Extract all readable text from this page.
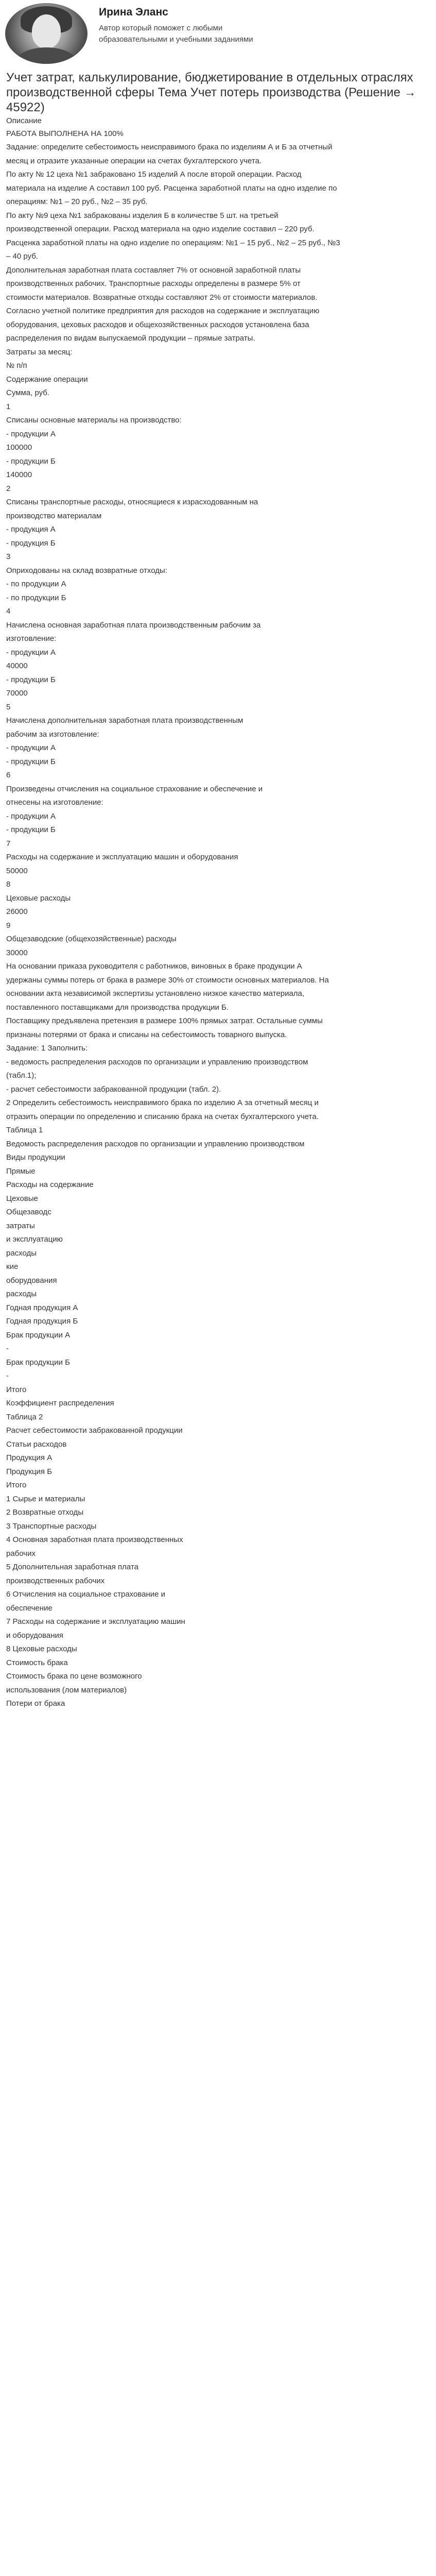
Ирина Эланс
Автор который поможет с любыми образовательными и учебными заданиями
Учет затрат, калькулирование, бюджетирование в отдельных отраслях производственной сферы Тема Учет потерь производства (Решение → 45922)
Описание
РАБОТА ВЫПОЛНЕНА НА 100%
Задание: определите себестоимость неисправимого брака по изделиям А и Б за отчетный
месяц и отразите указанные операции на счетах бухгалтерского учета.
По акту № 12 цеха №1 забраковано 15 изделий А после второй операции. Расход
материала на изделие А составил 100 руб. Расценка заработной платы на одно изделие по
операциям: №1 – 20 руб., №2 – 35 руб.
По акту №9 цеха №1 забракованы изделия Б в количестве 5 шт. на третьей
производственной операции. Расход материала на одно изделие составил – 220 руб.
Расценка заработной платы на одно изделие по операциям: №1 – 15 руб., №2 – 25 руб., №3
– 40 руб.
Дополнительная заработная плата составляет 7% от основной заработной платы
производственных рабочих. Транспортные расходы определены в размере 5% от
стоимости материалов. Возвратные отходы составляют 2% от стоимости материалов.
Согласно учетной политике предприятия для расходов на содержание и эксплуатацию
оборудования, цеховых расходов и общехозяйственных расходов установлена база
распределения по видам выпускаемой продукции – прямые затраты.
Затраты за месяц:
№ п/п
Содержание операции
Сумма, руб.
1
Списаны основные материалы на производство:
- продукции А
100000
- продукции Б
140000
2
Списаны транспортные расходы, относящиеся к израсходованным на
производство материалам
- продукция А
- продукция Б
3
Оприходованы на склад возвратные отходы:
- по продукции А
- по продукции Б
4
Начислена основная заработная плата производственным рабочим за
изготовление:
- продукции А
40000
- продукции Б
70000
5
Начислена дополнительная заработная плата производственным
рабочим за изготовление:
- продукции А
- продукции Б
6
Произведены отчисления на социальное страхование и обеспечение и
отнесены на изготовление:
- продукции А
- продукции Б
7
Расходы на содержание и эксплуатацию машин и оборудования
50000
8
Цеховые расходы
26000
9
Общезаводские (общехозяйственные) расходы
30000
На основании приказа руководителя с работников, виновных в браке продукции А
удержаны суммы потерь от брака в размере 30% от стоимости основных материалов. На
основании акта независимой экспертизы установлено низкое качество материала,
поставленного поставщиками для производства продукции Б.
Поставщику предъявлена претензия в размере 100% прямых затрат. Остальные суммы
признаны потерями от брака и списаны на себестоимость товарного выпуска.
Задание: 1 Заполнить:
- ведомость распределения расходов по организации и управлению производством
(табл.1);
- расчет себестоимости забракованной продукции (табл. 2).
2 Определить себестоимость неисправимого брака по изделию А за отчетный месяц и
отразить операции по определению и списанию брака на счетах бухгалтерского учета.
Таблица 1
Ведомость распределения расходов по организации и управлению производством
Виды продукции
Прямые
Расходы на содержание
Цеховые
Общезаводс
затраты
и эксплуатацию
расходы
кие
оборудования
расходы
Годная продукция А
Годная продукция Б
Брак продукции А
-
Брак продукции Б
-
Итого
Коэффициент распределения
Таблица 2
Расчет себестоимости забракованной продукции
Статьи расходов
Продукция А
Продукция Б
Итого
1 Сырье и материалы
2 Возвратные отходы
3 Транспортные расходы
4 Основная заработная плата производственных
рабочих
5 Дополнительная заработная плата
производственных рабочих
6 Отчисления на социальное страхование и
обеспечение
7 Расходы на содержание и эксплуатацию машин
и оборудования
8 Цеховые расходы
Стоимость брака
Стоимость брака по цене возможного
использования (лом материалов)
Потери от брака
